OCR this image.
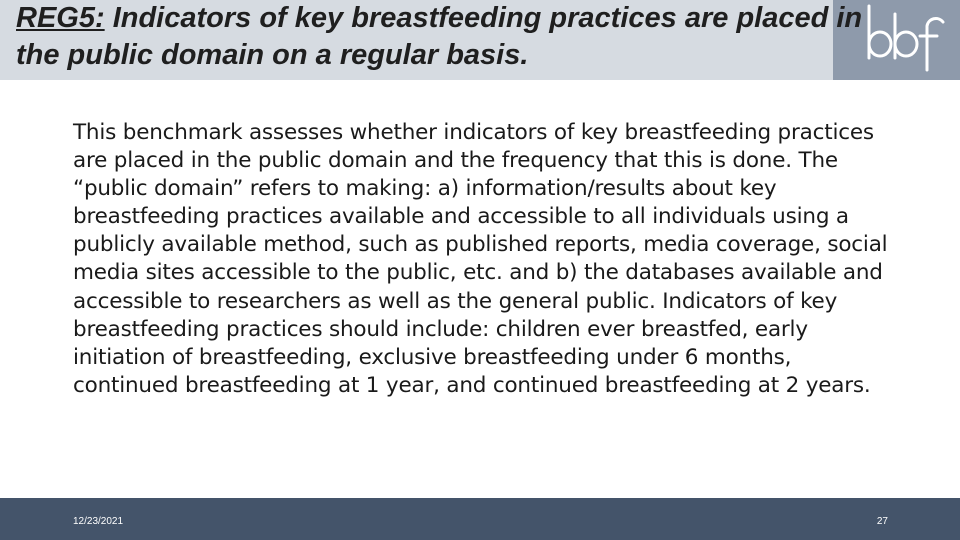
REG5: Indicators of key breastfeeding practices are placed in the public domain on a regular basis.

This benchmark assesses whether indicators of key breastfeeding practices are placed in the public domain and the frequency that this is done. The “public domain” refers to making: a) information/results about key breastfeeding practices available and accessible to all individuals using a publicly available method, such as published reports, media coverage, social media sites accessible to the public, etc. and b) the databases available and accessible to researchers as well as the general public. Indicators of key breastfeeding practices should include: children ever breastfed, early initiation of breastfeeding, exclusive breastfeeding under 6 months, continued breastfeeding at 1 year, and continued breastfeeding at 2 years.

12/23/2021	27
